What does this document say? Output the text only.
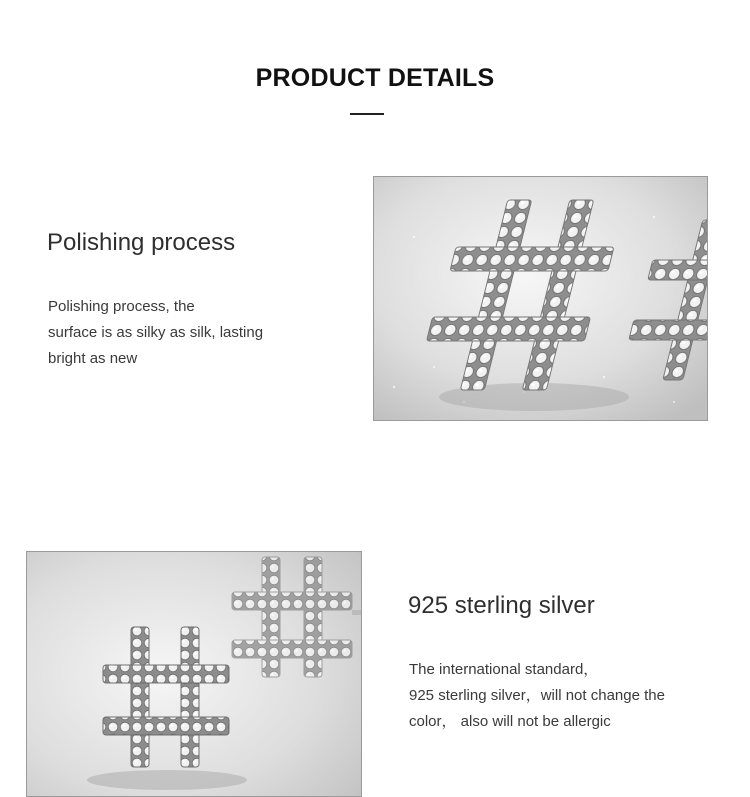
PRODUCT DETAILS
Polishing process
Polishing process, the
surface is as silky as silk, lasting
bright as new
925 sterling silver
The international standard，
925 sterling silver，will not change the
color， also will not be allergic
